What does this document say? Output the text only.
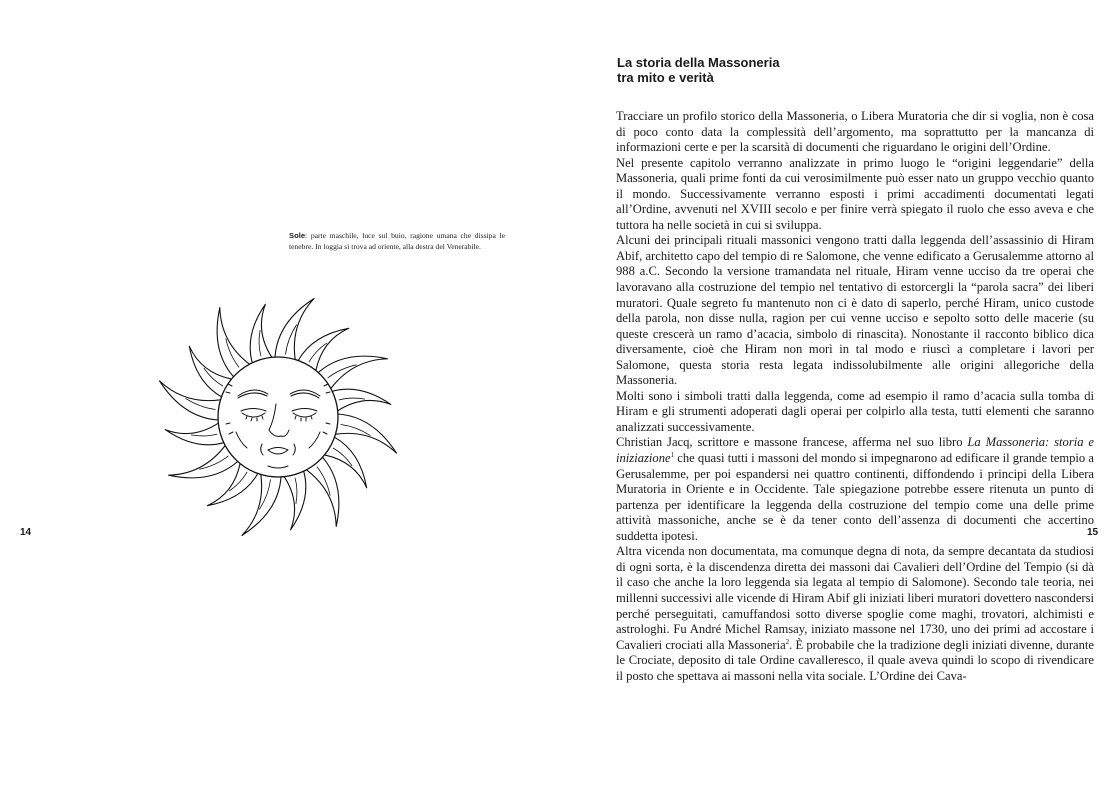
14
Sole: parte maschile, luce sul buio, ragione umana che dissipa le tenebre. In loggia si trova ad oriente, alla destra del Venerabile.
La storia della Massoneria
tra mito e verità

Tracciare un profilo storico della Massoneria, o Libera Muratoria che dir si voglia, non è cosa di poco conto data la complessità dell’argomento, ma soprattutto per la mancanza di informazioni certe e per la scarsità di documenti che riguardano le origini dell’Ordine.

Nel presente capitolo verranno analizzate in primo luogo le “origini leggendarie” della Massoneria, quali prime fonti da cui verosimilmente può esser nato un gruppo vecchio quanto il mondo. Successivamente verranno esposti i primi accadimenti documentati legati all’Ordine, avvenuti nel XVIII secolo e per finire verrà spiegato il ruolo che esso aveva e che tuttora ha nelle società in cui si sviluppa.

Alcuni dei principali rituali massonici vengono tratti dalla leggenda dell’assassinio di Hiram Abif, architetto capo del tempio di re Salomone, che venne edificato a Gerusalemme attorno al 988 a.C. Secondo la versione tramandata nel rituale, Hiram venne ucciso da tre operai che lavoravano alla costruzione del tempio nel tentativo di estorcergli la “parola sacra” dei liberi muratori. Quale segreto fu mantenuto non ci è dato di saperlo, perché Hiram, unico custode della parola, non disse nulla, ragion per cui venne ucciso e sepolto sotto delle macerie (su queste crescerà un ramo d’acacia, simbolo di rinascita). Nonostante il racconto biblico dica diversamente, cioè che Hiram non morì in tal modo e riuscì a completare i lavori per Salomone, questa storia resta legata indissolubilmente alle origini allegoriche della Massoneria.

Molti sono i simboli tratti dalla leggenda, come ad esempio il ramo d’acacia sulla tomba di Hiram e gli strumenti adoperati dagli operai per colpirlo alla testa, tutti elementi che saranno analizzati successivamente.

Christian Jacq, scrittore e massone francese, afferma nel suo libro La Massoneria: storia e iniziazione$^1$ che quasi tutti i massoni del mondo si impegnarono ad edificare il grande tempio a Gerusalemme, per poi espandersi nei quattro continenti, diffondendo i principi della Libera Muratoria in Oriente e in Occidente. Tale spiegazione potrebbe essere ritenuta un punto di partenza per identificare la leggenda della costruzione del tempio come una delle prime attività massoniche, anche se è da tener conto dell’assenza di documenti che accertino suddetta ipotesi.

Altra vicenda non documentata, ma comunque degna di nota, da sempre decantata da studiosi di ogni sorta, è la discendenza diretta dei massoni dai Cavalieri dell’Ordine del Tempio (si dà il caso che anche la loro leggenda sia legata al tempio di Salomone). Secondo tale teoria, nei millenni successivi alle vicende di Hiram Abif gli iniziati liberi muratori dovettero nascondersi perché perseguitati, camuffandosi sotto diverse spoglie come maghi, trovatori, alchimisti e astrologhi. Fu André Michel Ramsay, iniziato massone nel 1730, uno dei primi ad accostare i Cavalieri crociati alla Massoneria$^2$. È probabile che la tradizione degli iniziati divenne, durante le Crociate, deposito di tale Ordine cavalleresco, il quale aveva quindi lo scopo di rivendicare il posto che spettava ai massoni nella vita sociale. L’Ordine dei Cava-

15
